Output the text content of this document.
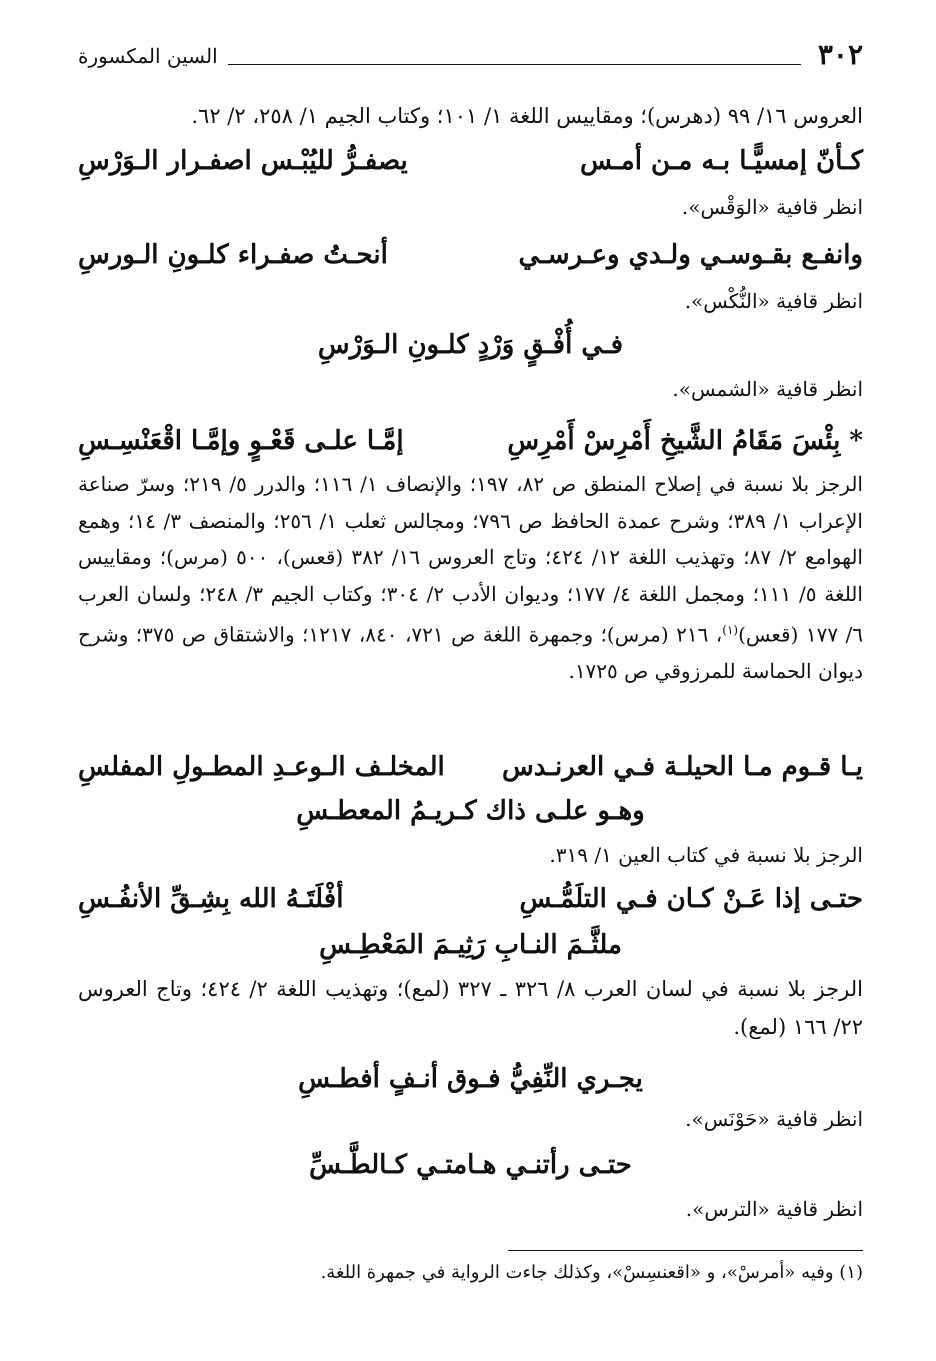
٣٠٢
السين المكسورة
العروس ١٦/ ٩٩ (دهرس)؛ ومقاييس اللغة ١/ ١٠١؛ وكتاب الجيم ١/ ٢٥٨، ٢/ ٦٢.
كـأنّ إمسيًّـا بـه مـن أمـس
يصفـرُّ لليُبْـس اصفـرار الـوَرْسِ
انظر قافية «الوَقْس».
وانفـع بقـوسـي ولـدي وعـرسـي
أنحـتُ صفـراء كلـونِ الـورسِ
انظر قافية «النُّكْس».
فـي أُفْـقٍ وَرْدٍ كلـونِ الـوَرْسِ
انظر قافية «الشمس».
* بِئْسَ مَقَامُ الشَّيخِ أَمْرِسْ أَمْرِسِ
إمَّـا علـى قَعْـوٍ وإمَّـا اقْعَنْسِـسِ
الرجز بلا نسبة في إصلاح المنطق ص ٨٢، ١٩٧؛ والإنصاف ١/ ١١٦؛ والدرر ٥/ ٢١٩؛ وسرّ صناعة الإعراب ١/ ٣٨٩؛ وشرح عمدة الحافظ ص ٧٩٦؛ ومجالس ثعلب ١/ ٢٥٦؛ والمنصف ٣/ ١٤؛ وهمع الهوامع ٢/ ٨٧؛ وتهذيب اللغة ١٢/ ٤٢٤؛ وتاج العروس ١٦/ ٣٨٢ (قعس)، ٥٠٠ (مرس)؛ ومقاييس اللغة ٥/ ١١١؛ ومجمل اللغة ٤/ ١٧٧؛ وديوان الأدب ٢/ ٣٠٤؛ وكتاب الجيم ٣/ ٢٤٨؛ ولسان العرب ٦/ ١٧٧ (قعس)$^{(١)}$، ٢١٦ (مرس)؛ وجمهرة اللغة ص ٧٢١، ٨٤٠، ١٢١٧؛ والاشتقاق ص ٣٧٥؛ وشرح ديوان الحماسة للمرزوقي ص ١٧٢٥.
يـا قـوم مـا الحيلـة فـي العرنـدس
المخلـف الـوعـدِ المطـولِ المفلسِ
وهـو علـى ذاك كـريـمُ المعطـسِ
الرجز بلا نسبة في كتاب العين ١/ ٣١٩.
حتـى إذا عَـنْ كـان فـي التلَمُّـسِ
أفْلَتَـهُ الله بِشِـقِّ الأنفُـسِ
ملثَّـمَ النـابِ رَثِيـمَ المَعْطِـسِ
الرجز بلا نسبة في لسان العرب ٨/ ٣٢٦ ـ ٣٢٧ (لمع)؛ وتهذيب اللغة ٢/ ٤٢٤؛ وتاج العروس ٢٢/ ١٦٦ (لمع).
يجـري النِّفِيُّ فـوق أنـفٍ أفطـسِ
انظر قافية «حَوْنَس».
حتـى رأتنـي هـامتـي كـالطَّـسِّ
انظر قافية «الترس».
(١) وفيه «أمرسْ»، و «اقعنسِسْ»، وكذلك جاءت الرواية في جمهرة اللغة.
